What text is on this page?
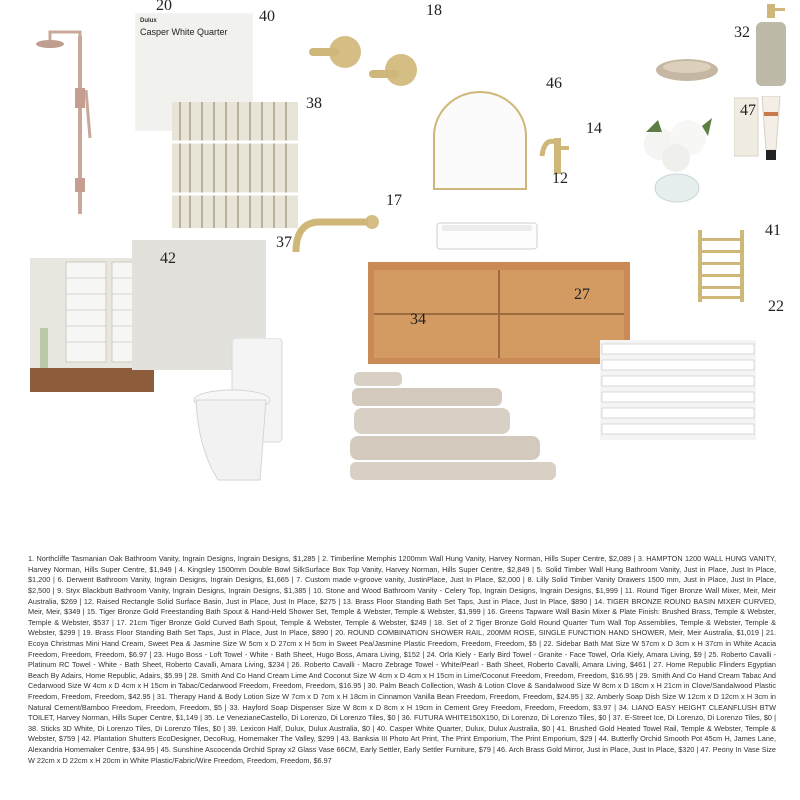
20
Dulux
Casper White Quarter
40
38
18
32
46
14
12
47
17
37
41
42
27
34
22

1. Northcliffe Tasmanian Oak Bathroom Vanity, Ingrain Designs, Ingrain Designs, $1,285 | 2. Timberline Memphis 1200mm Wall Hung Vanity, Harvey Norman, Hills Super Centre, $2,089 | 3. HAMPTON 1200 WALL HUNG VANITY, Harvey Norman, Hills Super Centre, $1,949 | 4. Kingsley 1500mm Double Bowl SilkSurface Box Top Vanity, Harvey Norman, Hills Super Centre, $2,849 | 5. Solid Timber Wall Hung Bathroom Vanity, Just in Place, Just In Place, $1,200 | 6. Derwent Bathroom Vanity, Ingrain Designs, Ingrain Designs, $1,665 | 7. Custom made v-groove vanity, JustinPlace, Just In Place, $2,000 | 8. Lilly Solid Timber Vanity Drawers 1500 mm, Just in Place, Just In Place, $2,500 | 9. Styx Blackbutt Bathroom Vanity, Ingrain Designs, Ingrain Designs, $1,385 | 10. Stone and Wood Bathroom Vanity - Celery Top, Ingrain Designs, Ingrain Designs, $1,999 | 11. Round Tiger Bronze Wall Mixer, Meir, Meir Australia, $269 | 12. Raised Rectangle Solid Surface Basin, Just in Place, Just In Place, $275 | 13. Brass Floor Standing Bath Set Taps, Just in Place, Just In Place, $890 | 14. TIGER BRONZE ROUND BASIN MIXER CURVED, Meir, Meir, $349 | 15. Tiger Bronze Gold Freestanding Bath Spout & Hand-Held Shower Set, Temple & Webster, Temple & Webster, $1,999 | 16. Greens Tapware Wall Basin Mixer & Plate Finish: Brushed Brass, Temple & Webster, Temple & Webster, $537 | 17. 21cm Tiger Bronze Gold Curved Bath Spout, Temple & Webster, Temple & Webster, $249 | 18. Set of 2 Tiger Bronze Gold Round Quarter Turn Wall Top Assemblies, Temple & Webster, Temple & Webster, $299 | 19. Brass Floor Standing Bath Set Taps, Just in Place, Just In Place, $890 | 20. ROUND COMBINATION SHOWER RAIL, 200MM ROSE, SINGLE FUNCTION HAND SHOWER, Meir, Meir Australia, $1,019 | 21. Ecoya Christmas Mini Hand Cream, Sweet Pea & Jasmine Size W 5cm x D 27cm x H 5cm in Sweet Pea/Jasmine Plastic Freedom, Freedom, Freedom, $5 | 22. Sidebar Bath Mat Size W 57cm x D 3cm x H 37cm in White Acacia Freedom, Freedom, Freedom, $6.97 | 23. Hugo Boss - Loft Towel - White - Bath Sheet, Hugo Boss, Amara Living, $152 | 24. Orla Kiely - Early Bird Towel - Granite - Face Towel, Orla Kiely, Amara Living, $9 | 25. Roberto Cavalli - Platinum RC Towel - White - Bath Sheet, Roberto Cavalli, Amara Living, $234 | 26. Roberto Cavalli - Macro Zebrage Towel - White/Pearl - Bath Sheet, Roberto Cavalli, Amara Living, $461 | 27. Home Republic Flinders Egyptian Beach By Adairs, Home Republic, Adairs, $5.99 | 28. Smith And Co Hand Cream Lime And Coconut Size W 4cm x D 4cm x H 15cm in Lime/Coconut Freedom, Freedom, Freedom, $16.95 | 29. Smith And Co Hand Cream Tabac And Cedarwood Size W 4cm x D 4cm x H 15cm in Tabac/Cedarwood Freedom, Freedom, Freedom, $16.95 | 30. Palm Beach Collection, Wash & Lotion Clove & Sandalwood Size W 8cm x D 18cm x H 21cm in Clove/Sandalwood Plastic Freedom, Freedom, Freedom, $42.95 | 31. Therapy Hand & Body Lotion Size W 7cm x D 7cm x H 18cm in Cinnamon Vanilla Bean Freedom, Freedom, Freedom, $24.95 | 32. Amberly Soap Dish Size W 12cm x D 12cm x H 3cm in Natural Cement/Bamboo Freedom, Freedom, Freedom, $5 | 33. Hayford Soap Dispenser Size W 8cm x D 8cm x H 19cm in Cement Grey Freedom, Freedom, Freedom, $3.97 | 34. LIANO EASY HEIGHT CLEANFLUSH BTW TOILET, Harvey Norman, Hills Super Centre, $1,149 | 35. Le VenezianeCastello, Di Lorenzo, Di Lorenzo Tiles, $0 | 36. FUTURA WHITE150X150, Di Lorenzo, Di Lorenzo Tiles, $0 | 37. E-Street Ice, Di Lorenzo, Di Lorenzo Tiles, $0 | 38. Sticks 3D White, Di Lorenzo Tiles, Di Lorenzo Tiles, $0 | 39. Lexicon Half, Dulux, Dulux Australia, $0 | 40. Casper White Quarter, Dulux, Dulux Australia, $0 | 41. Brushed Gold Heated Towel Rail, Temple & Webster, Temple & Webster, $759 | 42. Plantation Shutters EcoDesigner, DecoRug, Homemaker The Valley, $299 | 43. Banksia III Photo Art Print, The Print Emporium, The Print Emporium, $29 | 44. Butterfly Orchid Smooth Pot 45cm H, James Lane, Alexandria Homemaker Centre, $34.95 | 45. Sunshine Ascocenda Orchid Spray x2 Glass Vase 66CM, Early Settler, Early Settler Furniture, $79 | 46. Arch Brass Gold Mirror, Just in Place, Just In Place, $320 | 47. Peony In Vase Size W 22cm x D 22cm x H 20cm in White Plastic/Fabric/Wire Freedom, Freedom, Freedom, $6.97
